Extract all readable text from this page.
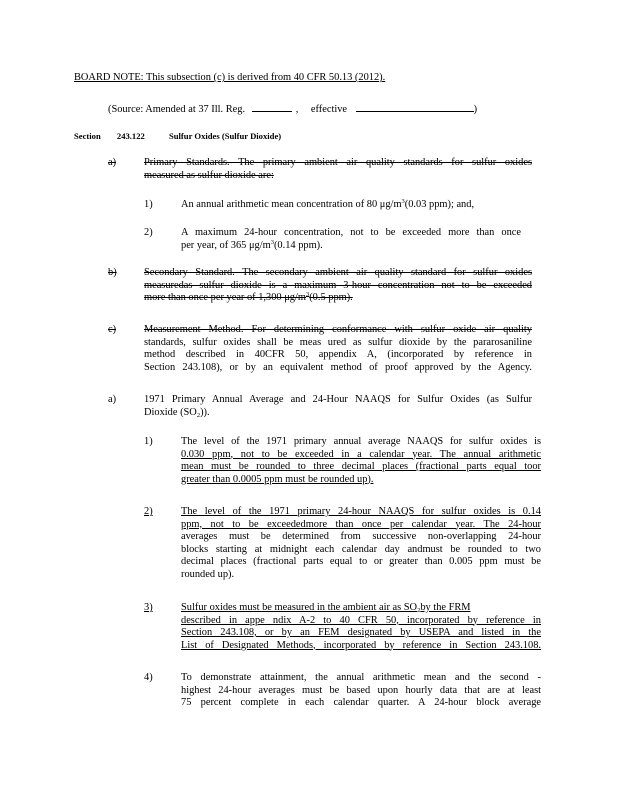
BOARD NOTE: This subsection (c) is derived from 40 CFR 50.13 (2012).
(Source: Amended at 37 Ill. Reg.	, effective	)
Section 243.122	Sulfur Oxides (Sulfur Dioxide)
a)	Primary Standards. The primary ambient air quality standards for sulfur oxides
measured as sulfur dioxide are:
1)	An annual arithmetic mean concentration of 80 $\mu g/m^3(0.03$ ppm); and,
2)	A maximum 24-hour concentration, not to be exceeded more than once
per year, of 365 $\mu g/m^3(0.14$ ppm).
b)	Secondary Standard. The secondary ambient air quality standard for sulfur oxides
measuredas sulfur dioxide is a maximum 3-hour concentration not to be exceeded
more than once per year of 1,300 $\mu g/m^3(0.5$ ppm).
c)	Measurement Method. For determining conformance with sulfur oxide air quality
standards, sulfur oxides shall be meas ured as sulfur dioxide by the pararosaniline
method described in 40CFR 50, appendix A, (incorporated by reference in
Section 243.108), or by an equivalent method of proof approved by the Agency.
a)	1971 Primary Annual Average and 24-Hour NAAQS for Sulfur Oxides (as Sulfur
Dioxide $(SO_2)$).
1)	The level of the 1971 primary annual average NAAQS for sulfur oxides is
0.030 ppm, not to be exceeded in a calendar year. The annual arithmetic
mean must be rounded to three decimal places (fractional parts equal toor
greater than 0.0005 ppm must be rounded up).
2)	The level of the 1971 primary 24-hour NAAQS for sulfur oxides is 0.14
ppm, not to be exceededmore than once per calendar year. The 24-hour
averages must be determined from successive non-overlapping 24-hour
blocks starting at midnight each calendar day andmust be rounded to two
decimal places (fractional parts equal to or greater than 0.005 ppm must be
rounded up).
3)	Sulfur oxides must be measured in the ambient air as $SO_2by$ the FRM
described in appe ndix A-2 to 40 CFR 50, incorporated by reference in
Section 243.108, or by an FEM designated by USEPA and listed in the
List of Designated Methods, incorporated by reference in Section 243.108.
4)	To demonstrate attainment, the annual arithmetic mean and the second -
highest 24-hour averages must be based upon hourly data that are at least
75 percent complete in each calendar quarter. A 24-hour block average
